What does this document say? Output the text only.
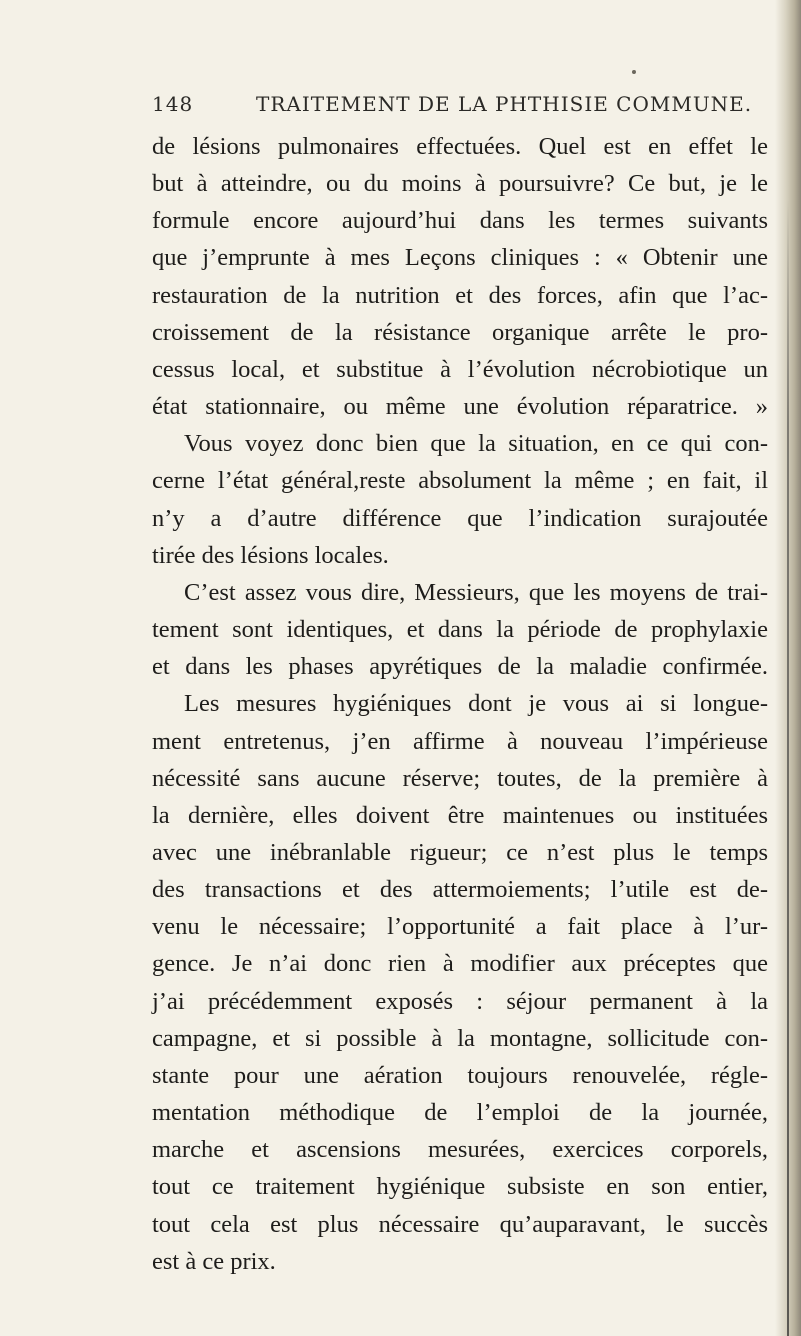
148	TRAITEMENT DE LA PHTHISIE COMMUNE.
de lésions pulmonaires effectuées. Quel est en effet le
but à atteindre, ou du moins à poursuivre? Ce but, je le
formule encore aujourd’hui dans les termes suivants
que j’emprunte à mes Leçons cliniques : « Obtenir une
restauration de la nutrition et des forces, afin que l’ac-
croissement de la résistance organique arrête le pro-
cessus local, et substitue à l’évolution nécrobiotique un
état stationnaire, ou même une évolution réparatrice. »
Vous voyez donc bien que la situation, en ce qui con-
cerne l’état général,reste absolument la même ; en fait, il
n’y a d’autre différence que l’indication surajoutée
tirée des lésions locales.
C’est assez vous dire, Messieurs, que les moyens de trai-
tement sont identiques, et dans la période de prophylaxie
et dans les phases apyrétiques de la maladie confirmée.
Les mesures hygiéniques dont je vous ai si longue-
ment entretenus, j’en affirme à nouveau l’impérieuse
nécessité sans aucune réserve; toutes, de la première à
la dernière, elles doivent être maintenues ou instituées
avec une inébranlable rigueur; ce n’est plus le temps
des transactions et des attermoiements; l’utile est de-
venu le nécessaire; l’opportunité a fait place à l’ur-
gence. Je n’ai donc rien à modifier aux préceptes que
j’ai précédemment exposés : séjour permanent à la
campagne, et si possible à la montagne, sollicitude con-
stante pour une aération toujours renouvelée, régle-
mentation méthodique de l’emploi de la journée,
marche et ascensions mesurées, exercices corporels,
tout ce traitement hygiénique subsiste en son entier,
tout cela est plus nécessaire qu’auparavant, le succès
est à ce prix.
